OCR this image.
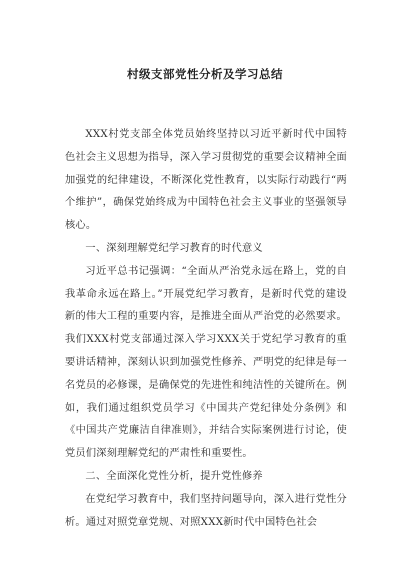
村级支部党性分析及学习总结

XXX村党支部全体党员始终坚持以习近平新时代中国特色社会主义思想为指导，深入学习贯彻党的重要会议精神全面加强党的纪律建设，不断深化党性教育，以实际行动践行“两个维护”，确保党始终成为中国特色社会主义事业的坚强领导核心。

一、深刻理解党纪学习教育的时代意义

习近平总书记强调：“全面从严治党永远在路上，党的自我革命永远在路上。”开展党纪学习教育，是新时代党的建设新的伟大工程的重要内容，是推进全面从严治党的必然要求。我们XXX村党支部通过深入学习XXX关于党纪学习教育的重要讲话精神，深刻认识到加强党性修养、严明党的纪律是每一名党员的必修课，是确保党的先进性和纯洁性的关键所在。例如，我们通过组织党员学习《中国共产党纪律处分条例》和《中国共产党廉洁自律准则》，并结合实际案例进行讨论，使党员们深刻理解党纪的严肃性和重要性。

二、全面深化党性分析，提升党性修养

在党纪学习教育中，我们坚持问题导向，深入进行党性分析。通过对照党章党规、对照XXX新时代中国特色社会
